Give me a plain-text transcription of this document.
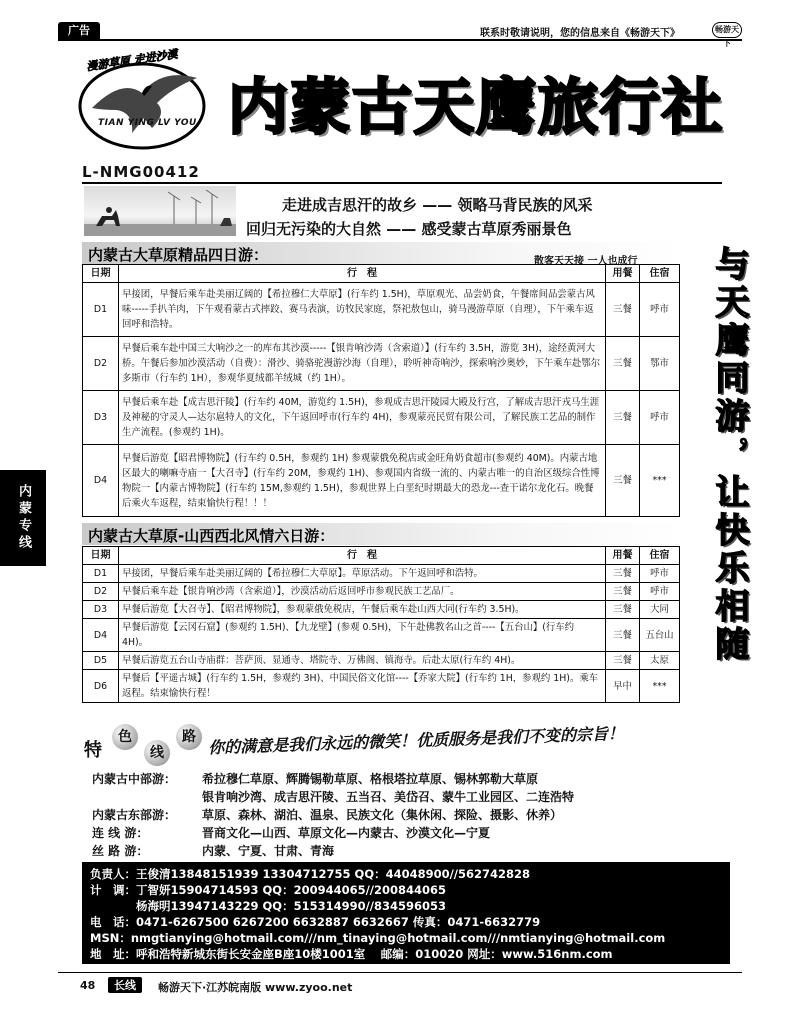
广告	联系时敬请说明，您的信息来自《畅游天下》	畅游天下
漫游草原 走进沙漠
TIAN YING LV YOU 内蒙古天鹰旅行社
L-NMG00412
走进成吉思汗的故乡 —— 领略马背民族的风采
回归无污染的大自然 —— 感受蒙古草原秀丽景色
内蒙古大草原精品四日游：	散客天天接 一人也成行
日期	行　程	用餐	住宿
D1	早接团，早餐后乘车赴美丽辽阔的【希拉穆仁大草原】(行车约 1.5H)，草原观光、品尝奶食，午餐席间品尝蒙古风味-----手扒羊肉，下午观看蒙古式摔跤、赛马表演，访牧民家庭，祭祀敖包山，骑马漫游草原（自理），下午乘车返回呼和浩特。	三餐	呼市
D2	早餐后乘车赴中国三大响沙之一的库布其沙漠-----【银肯响沙湾（含索道）】(行车约 3.5H，游览 3H)，途经黄河大桥。午餐后参加沙漠活动（自费）：滑沙、骑骆驼漫游沙海（自理），聆听神奇响沙，探索响沙奥妙，下午乘车赴鄂尔多斯市（行车约 1H），参观华夏绒都羊绒城（约 1H）。	三餐	鄂市
D3	早餐后乘车赴【成吉思汗陵】(行车约 40M，游览约 1.5H)，参观成吉思汗陵园大殿及行宫，了解成吉思汗戎马生涯及神秘的守灵人—达尔扈特人的文化，下午返回呼市(行车约 4H)，参观蒙亮民贸有限公司，了解民族工艺品的制作生产流程。(参观约 1H)。	三餐	呼市
D4	早餐后游览【昭君博物院】(行车约 0.5H，参观约 1H) 参观蒙俄免税店或金旺角奶食超市(参观约 40M)。内蒙古地区最大的喇嘛寺庙一【大召寺】(行车约 20M，参观约 1H)、参观国内省级一流的、内蒙古唯一的自治区级综合性博物院一【内蒙古博物院】(行车约 15M,参观约 1.5H)，参观世界上白垩纪时期最大的恐龙---查干诺尔龙化石。晚餐后乘火车返程，结束愉快行程！！！	三餐	***
内蒙古大草原-山西西北风情六日游：
日期	行　程	用餐	住宿
D1	早接团，早餐后乘车赴美丽辽阔的【希拉穆仁大草原】。草原活动。下午返回呼和浩特。	三餐	呼市
D2	早餐后乘车赴【银肯响沙湾（含索道）】，沙漠活动后返回呼市参观民族工艺品厂。	三餐	呼市
D3	早餐后游览【大召寺】、【昭君博物院】，参观蒙俄免税店，午餐后乘车赴山西大同(行车约 3.5H)。	三餐	大同
D4	早餐后游览【云冈石窟】(参观约 1.5H)、【九龙壁】(参观 0.5H)，下午赴佛教名山之首----【五台山】(行车约 4H)。	三餐	五台山
D5	早餐后游览五台山寺庙群：菩萨顶、显通寺、塔院寺、万佛阁、镇海寺。后赴太原(行车约 4H)。	三餐	太原
D6	早餐后【平遥古城】(行车约 1.5H，参观约 3H)、中国民俗文化馆----【乔家大院】(行车约 1H，参观约 1H)。乘车返程。结束愉快行程！	早中	***
内蒙专线	与天鹰同游，让快乐相随
特
色
线
路 你的满意是我们永远的微笑！优质服务是我们不变的宗旨！
内蒙古中部游： 希拉穆仁草原、辉腾锡勒草原、格根塔拉草原、锡林郭勒大草原
银肯响沙湾、成吉思汗陵、五当召、美岱召、蒙牛工业园区、二连浩特
内蒙古东部游： 草原、森林、湖泊、温泉、民族文化（集休闲、探险、摄影、休养）
连 线 游：	晋商文化—山西、草原文化—内蒙古、沙漠文化—宁夏
丝 路 游：	内蒙、宁夏、甘肃、青海
负责人：王俊清13848151939 13304712755 QQ：44048900//562742828
计　调：丁智妍15904714593 QQ：200944065//200844065
　　　　杨海明13947143229 QQ：515314990//834596053
电　话：0471-6267500 6267200 6632887 6632667 传真：0471-6632779
MSN：nmgtianying@hotmail.com///nm_tinaying@hotmail.com///nmtianying@hotmail.com
地　址：呼和浩特新城东街长安金座B座10楼1001室　 邮编：010020 网址：www.516nm.com
48	长线	畅游天下·江苏皖南版 www.zyoo.net
